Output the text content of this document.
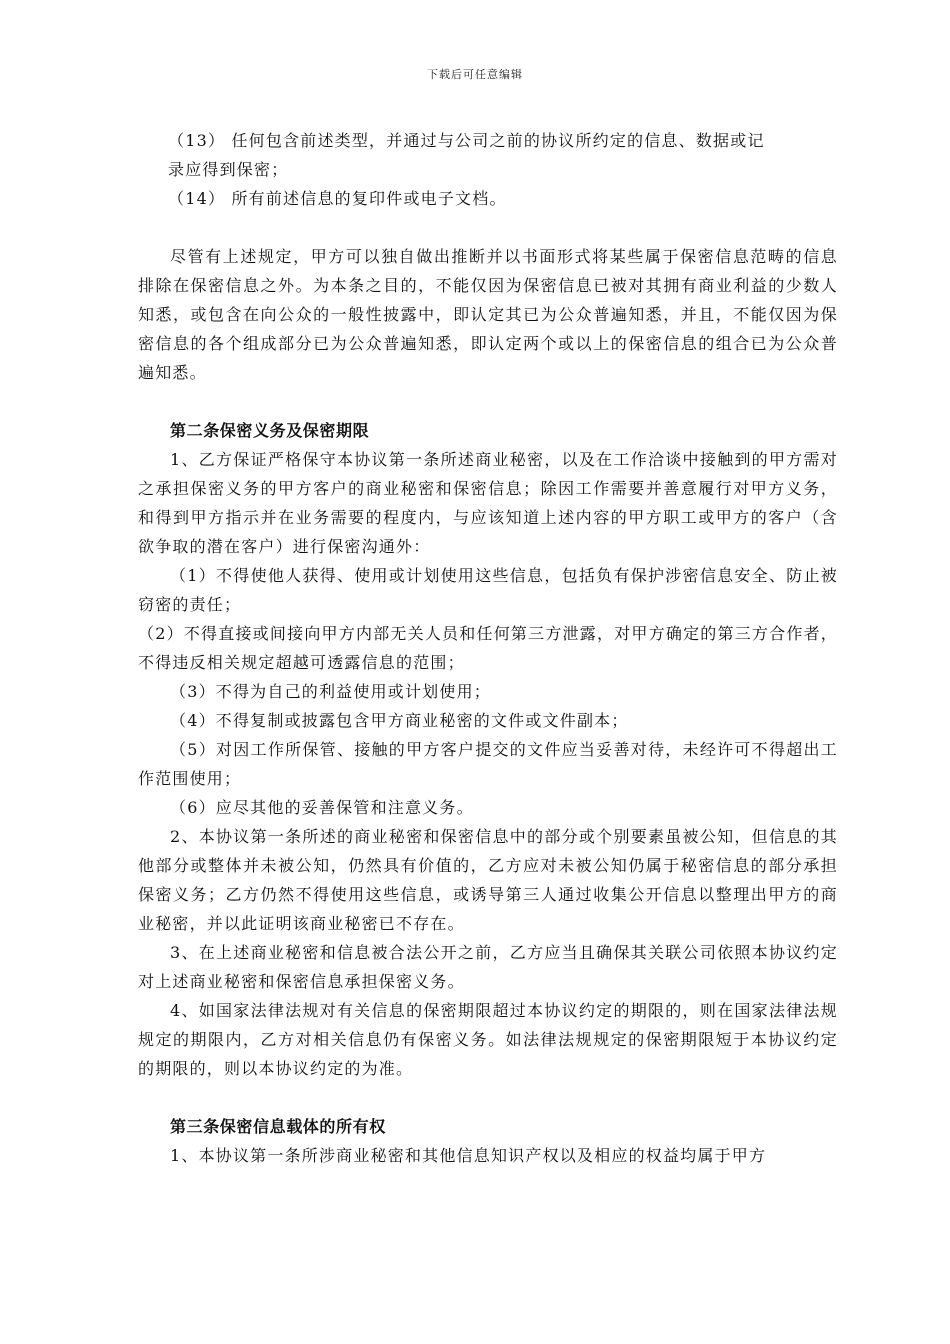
下载后可任意编辑

（13） 任何包含前述类型，并通过与公司之前的协议所约定的信息、数据或记

录应得到保密；

（14） 所有前述信息的复印件或电子文档。

尽管有上述规定，甲方可以独自做出推断并以书面形式将某些属于保密信息范畴的信息排除在保密信息之外。为本条之目的，不能仅因为保密信息已被对其拥有商业利益的少数人知悉，或包含在向公众的一般性披露中，即认定其已为公众普遍知悉，并且，不能仅因为保密信息的各个组成部分已为公众普遍知悉，即认定两个或以上的保密信息的组合已为公众普遍知悉。

第二条保密义务及保密期限

1、乙方保证严格保守本协议第一条所述商业秘密，以及在工作洽谈中接触到的甲方需对之承担保密义务的甲方客户的商业秘密和保密信息；除因工作需要并善意履行对甲方义务，和得到甲方指示并在业务需要的程度内，与应该知道上述内容的甲方职工或甲方的客户（含欲争取的潜在客户）进行保密沟通外：

（1）不得使他人获得、使用或计划使用这些信息，包括负有保护涉密信息安全、防止被窃密的责任；

（2）不得直接或间接向甲方内部无关人员和任何第三方泄露，对甲方确定的第三方合作者，不得违反相关规定超越可透露信息的范围；

（3）不得为自己的利益使用或计划使用；

（4）不得复制或披露包含甲方商业秘密的文件或文件副本；

（5）对因工作所保管、接触的甲方客户提交的文件应当妥善对待，未经许可不得超出工作范围使用；

（6）应尽其他的妥善保管和注意义务。

2、本协议第一条所述的商业秘密和保密信息中的部分或个别要素虽被公知，但信息的其他部分或整体并未被公知，仍然具有价值的，乙方应对未被公知仍属于秘密信息的部分承担保密义务；乙方仍然不得使用这些信息，或诱导第三人通过收集公开信息以整理出甲方的商业秘密，并以此证明该商业秘密已不存在。

3、在上述商业秘密和信息被合法公开之前，乙方应当且确保其关联公司依照本协议约定对上述商业秘密和保密信息承担保密义务。

4、如国家法律法规对有关信息的保密期限超过本协议约定的期限的，则在国家法律法规规定的期限内，乙方对相关信息仍有保密义务。如法律法规规定的保密期限短于本协议约定的期限的，则以本协议约定的为准。

第三条保密信息载体的所有权

1、本协议第一条所涉商业秘密和其他信息知识产权以及相应的权益均属于甲方
